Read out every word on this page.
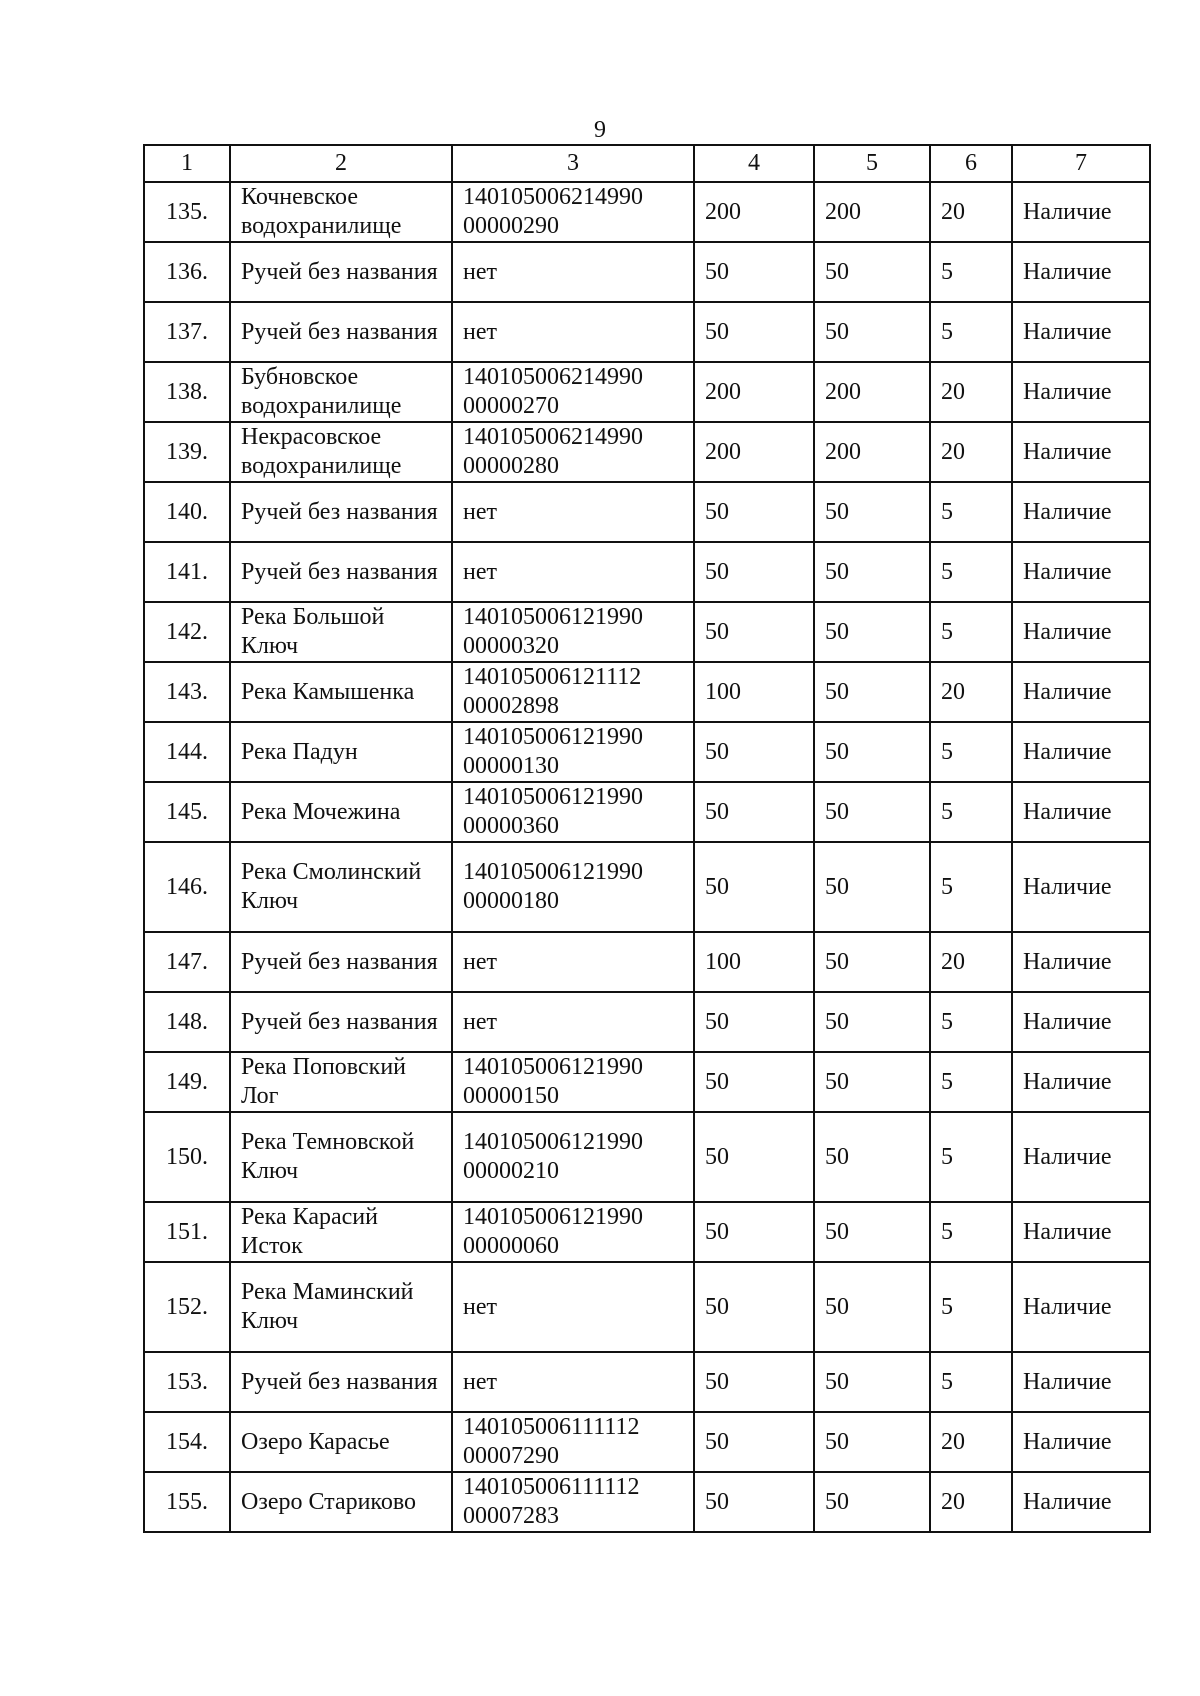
9
1	2	3	4	5	6	7
135.	Кочневское водохранилище	140105006214990 00000290	200	200	20	Наличие
136.	Ручей без названия	нет	50	50	5	Наличие
137.	Ручей без названия	нет	50	50	5	Наличие
138.	Бубновское водохранилище	140105006214990 00000270	200	200	20	Наличие
139.	Некрасовское водохранилище	140105006214990 00000280	200	200	20	Наличие
140.	Ручей без названия	нет	50	50	5	Наличие
141.	Ручей без названия	нет	50	50	5	Наличие
142.	Река Большой Ключ	140105006121990 00000320	50	50	5	Наличие
143.	Река Камышенка	140105006121112 00002898	100	50	20	Наличие
144.	Река Падун	140105006121990 00000130	50	50	5	Наличие
145.	Река Мочежина	140105006121990 00000360	50	50	5	Наличие
146.	Река Смолинский Ключ	140105006121990 00000180	50	50	5	Наличие
147.	Ручей без названия	нет	100	50	20	Наличие
148.	Ручей без названия	нет	50	50	5	Наличие
149.	Река Поповский Лог	140105006121990 00000150	50	50	5	Наличие
150.	Река Темновской Ключ	140105006121990 00000210	50	50	5	Наличие
151.	Река Карасий Исток	140105006121990 00000060	50	50	5	Наличие
152.	Река Маминский Ключ	нет	50	50	5	Наличие
153.	Ручей без названия	нет	50	50	5	Наличие
154.	Озеро Карасье	140105006111112 00007290	50	50	20	Наличие
155.	Озеро Стариково	140105006111112 00007283	50	50	20	Наличие
